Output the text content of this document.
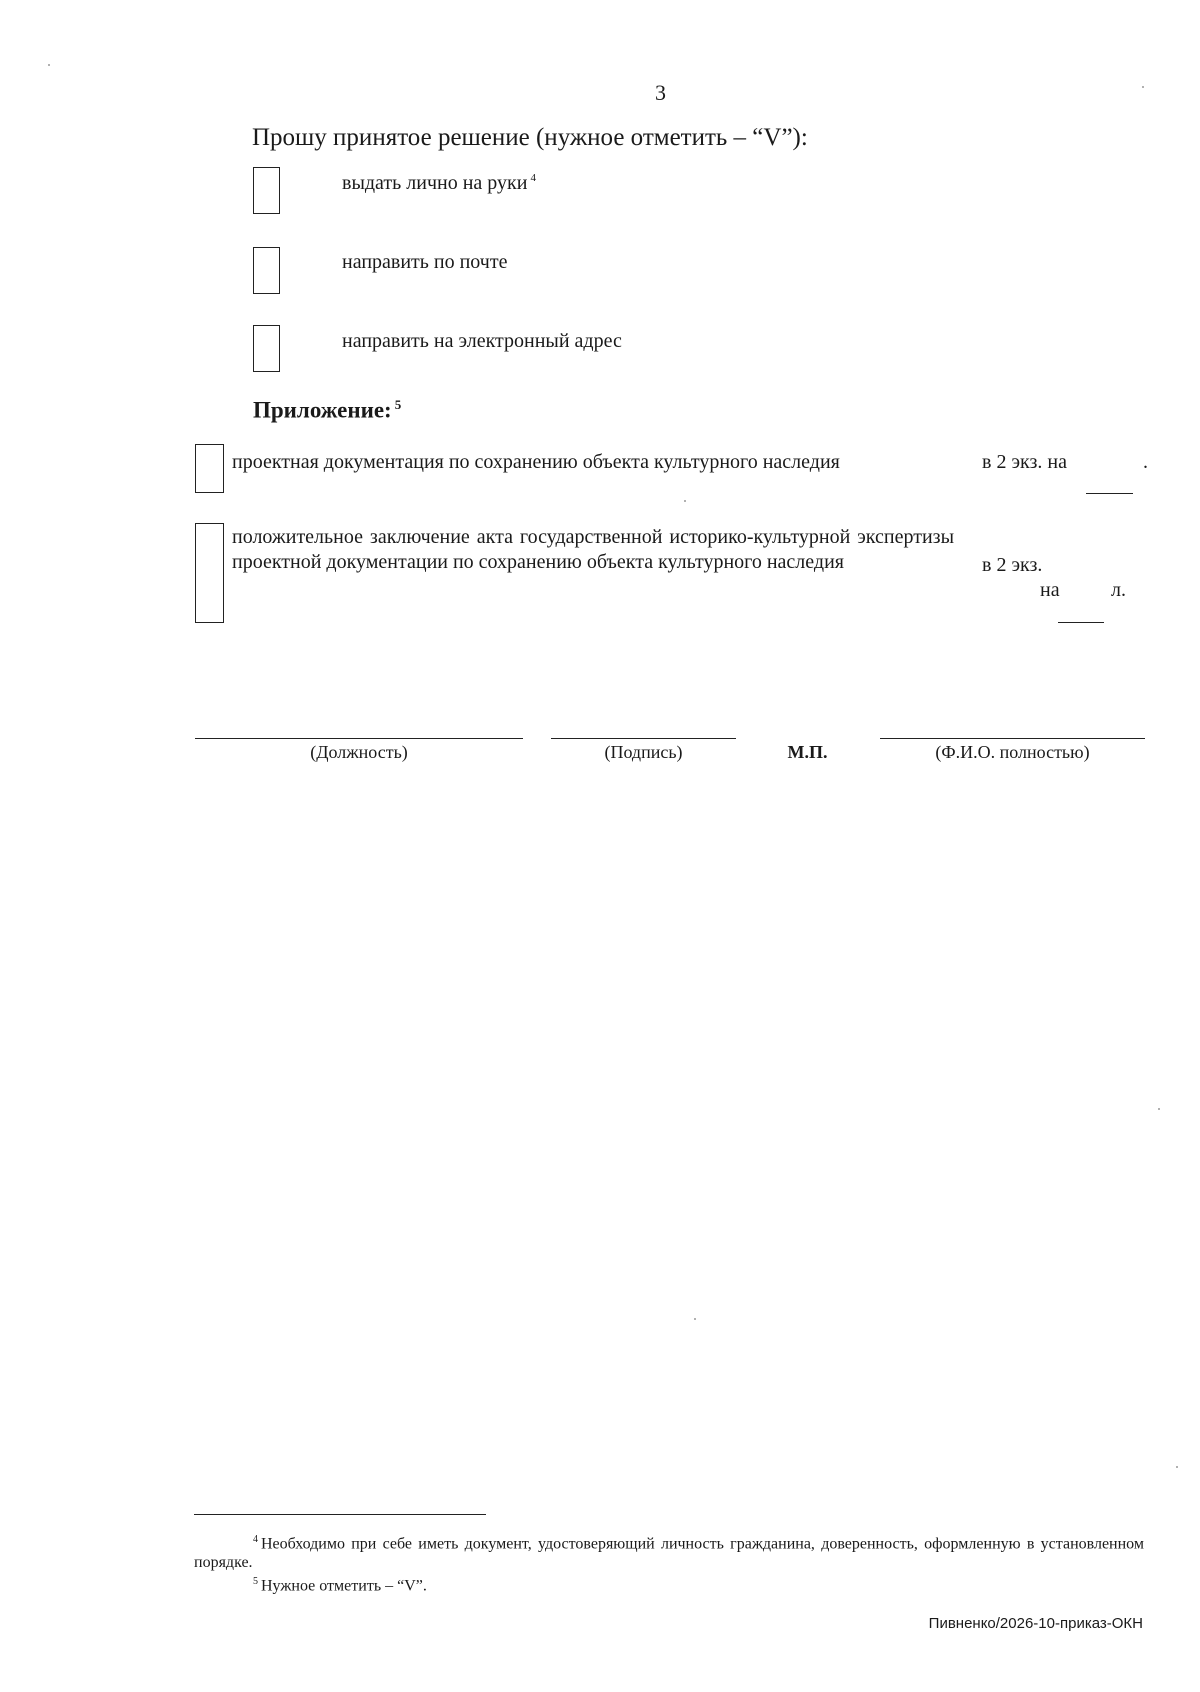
3
Прошу принятое решение (нужное отметить – “V”):
выдать лично на руки $^4$
направить по почте
направить на электронный адрес
Приложение: $^5$
проектная документация по сохранению объекта культурного наследия	в 2 экз. на	.
положительное заключение акта государственной историко-культурной экспертизы проектной документации по сохранению объекта культурного наследия	в 2 экз.
на	л.
(Должность)	(Подпись)	М.П.	(Ф.И.О. полностью)
$^4$ Необходимо при себе иметь документ, удостоверяющий личность гражданина, доверенность, оформленную в установленном порядке.
$^5$ Нужное отметить – “V”.
Пивненко/2026-10-приказ-ОКН
